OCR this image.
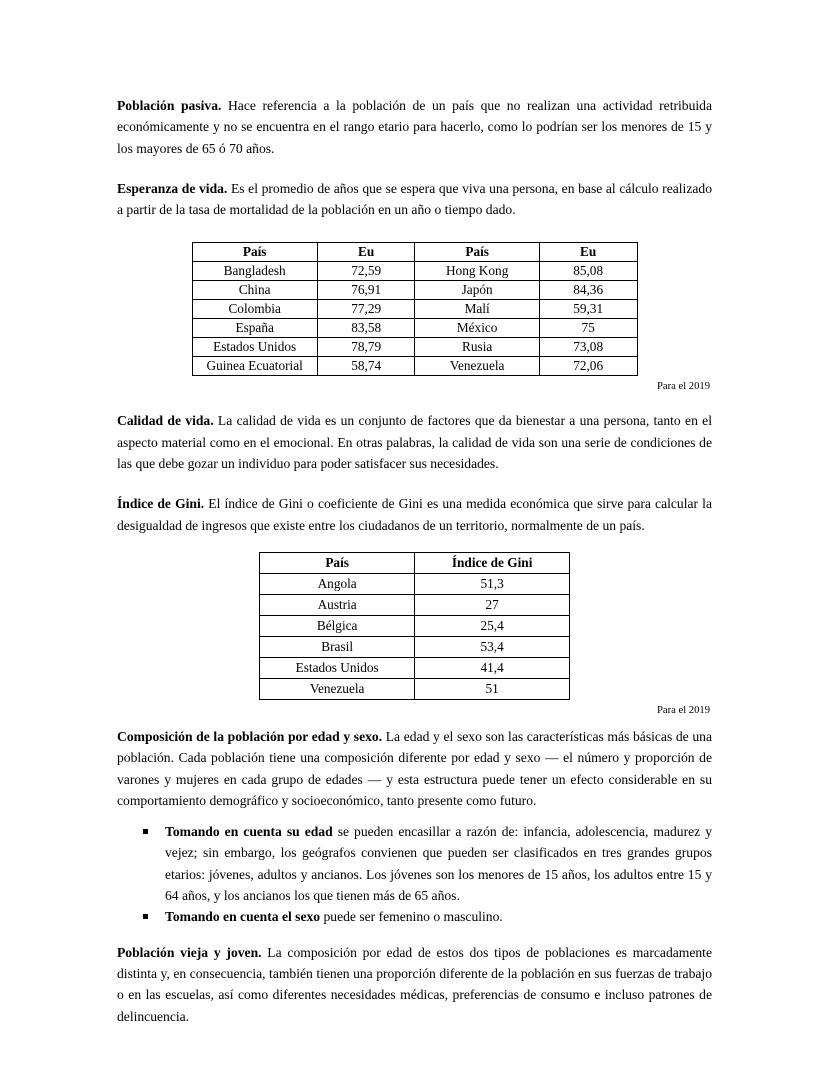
Población pasiva. Hace referencia a la población de un país que no realizan una actividad retribuida económicamente y no se encuentra en el rango etario para hacerlo, como lo podrían ser los menores de 15 y los mayores de 65 ó 70 años.

Esperanza de vida. Es el promedio de años que se espera que viva una persona, en base al cálculo realizado a partir de la tasa de mortalidad de la población en un año o tiempo dado.

País	Eu	País	Eu
Bangladesh	72,59	Hong Kong	85,08
China	76,91	Japón	84,36
Colombia	77,29	Malí	59,31
España	83,58	México	75
Estados Unidos	78,79	Rusia	73,08
Guinea Ecuatorial	58,74	Venezuela	72,06
Para el 2019

Calidad de vida. La calidad de vida es un conjunto de factores que da bienestar a una persona, tanto en el aspecto material como en el emocional. En otras palabras, la calidad de vida son una serie de condiciones de las que debe gozar un individuo para poder satisfacer sus necesidades.

Índice de Gini. El índice de Gini o coeficiente de Gini es una medida económica que sirve para calcular la desigualdad de ingresos que existe entre los ciudadanos de un territorio, normalmente de un país.

País	Índice de Gini
Angola	51,3
Austria	27
Bélgica	25,4
Brasil	53,4
Estados Unidos	41,4
Venezuela	51
Para el 2019

Composición de la población por edad y sexo. La edad y el sexo son las características más básicas de una población. Cada población tiene una composición diferente por edad y sexo — el número y proporción de varones y mujeres en cada grupo de edades — y esta estructura puede tener un efecto considerable en su comportamiento demográfico y socioeconómico, tanto presente como futuro.

Tomando en cuenta su edad se pueden encasillar a razón de: infancia, adolescencia, madurez y vejez; sin embargo, los geógrafos convienen que pueden ser clasificados en tres grandes grupos etarios: jóvenes, adultos y ancianos. Los jóvenes son los menores de 15 años, los adultos entre 15 y 64 años, y los ancianos los que tienen más de 65 años.
Tomando en cuenta el sexo puede ser femenino o masculino.

Población vieja y joven. La composición por edad de estos dos tipos de poblaciones es marcadamente distinta y, en consecuencia, también tienen una proporción diferente de la población en sus fuerzas de trabajo o en las escuelas, así como diferentes necesidades médicas, preferencias de consumo e incluso patrones de delincuencia.
